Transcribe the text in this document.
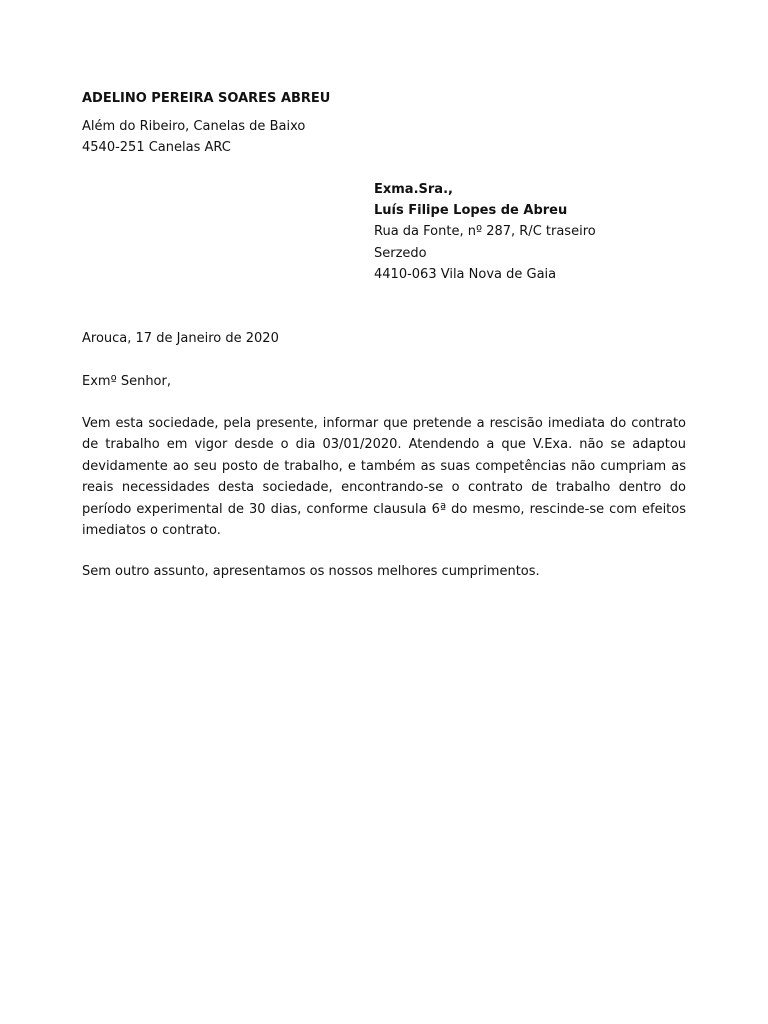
ADELINO PEREIRA SOARES ABREU
Além do Ribeiro, Canelas de Baixo
4540-251 Canelas ARC
Exma.Sra.,
Luís Filipe Lopes de Abreu
Rua da Fonte, nº 287, R/C traseiro
Serzedo
4410-063 Vila Nova de Gaia
Arouca, 17 de Janeiro de 2020
Exmº Senhor,
Vem esta sociedade, pela presente, informar que pretende a rescisão imediata do contrato
de trabalho em vigor desde o dia 03/01/2020. Atendendo a que V.Exa. não se adaptou
devidamente ao seu posto de trabalho, e também as suas competências não cumpriam as
reais necessidades desta sociedade, encontrando-se o contrato de trabalho dentro do
período experimental de 30 dias, conforme clausula 6ª do mesmo, rescinde-se com efeitos
imediatos o contrato.
Sem outro assunto, apresentamos os nossos melhores cumprimentos.
